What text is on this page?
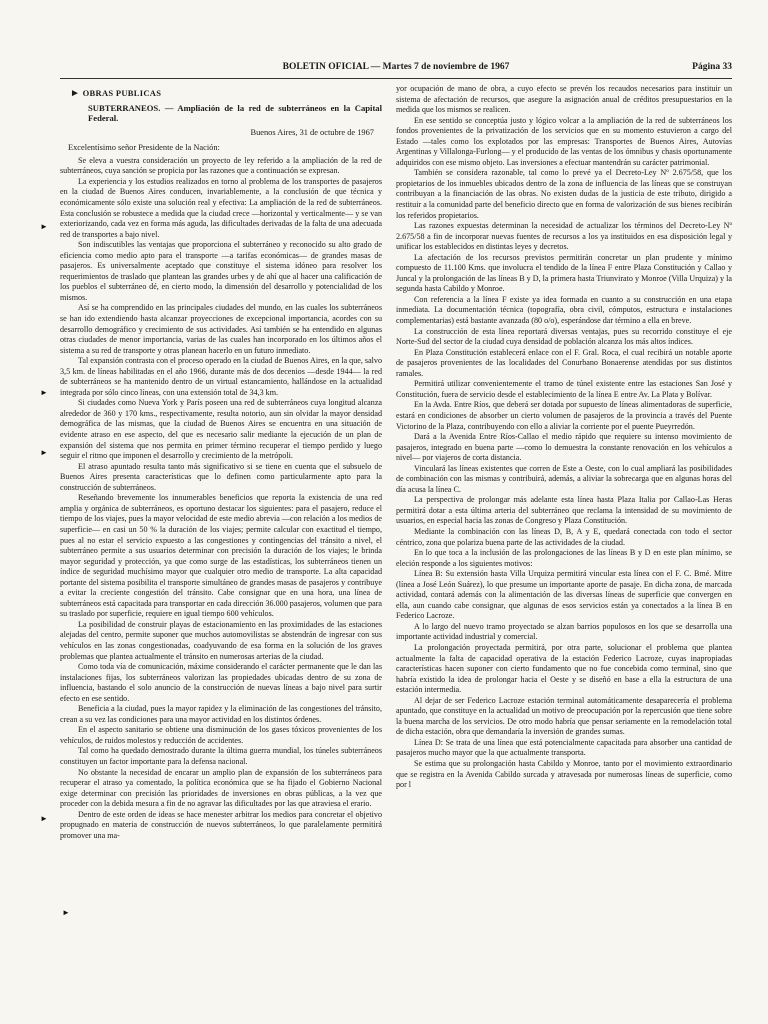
BOLETIN OFICIAL — Martes 7 de noviembre de 1967	Página 33
► OBRAS PUBLICAS
SUBTERRANEOS. — Ampliación de la red de subterráneos en la Capital Federal.
Buenos Aires, 31 de octubre de 1967
Excelentísimo señor Presidente de la Nación:

Se eleva a vuestra consideración un proyecto de ley referido a la ampliación de la red de subterráneos, cuya sanción se propicia por las razones que a continuación se expresan.

La experiencia y los estudios realizados en torno al problema de los transportes de pasajeros en la ciudad de Buenos Aires conducen, invariablemente, a la conclusión de que técnica y económicamente sólo existe una solución real y efectiva: La ampliación de la red de subterráneos. Esta conclusión se robustece a medida que la ciudad crece —horizontal y verticalmente— y se van exteriorizando, cada vez en forma más aguda, las dificultades derivadas de la falta de una adecuada red de transportes a bajo nivel.

Son indiscutibles las ventajas que proporciona el subterráneo y reconocido su alto grado de eficiencia como medio apto para el transporte —a tarifas económicas— de grandes masas de pasajeros. Es universalmente aceptado que constituye el sistema idóneo para resolver los requerimientos de traslado que plantean las grandes urbes y de ahí que al hacer una calificación de los pueblos el subterráneo dé, en cierto modo, la dimensión del desarrollo y potencialidad de los mismos.

Así se ha comprendido en las principales ciudades del mundo, en las cuales los subterráneos se han ido extendiendo hasta alcanzar proyecciones de excepcional importancia, acordes con su desarrollo demográfico y crecimiento de sus actividades. Así también se ha entendido en algunas otras ciudades de menor importancia, varias de las cuales han incorporado en los últimos años el sistema a su red de transporte y otras planean hacerlo en un futuro inmediato.

Tal expansión contrasta con el proceso operado en la ciudad de Buenos Aires, en la que, salvo 3,5 km. de líneas habilitadas en el año 1966, durante más de dos decenios —desde 1944— la red de subterráneos se ha mantenido dentro de un virtual estancamiento, hallándose en la actualidad integrada por sólo cinco líneas, con una extensión total de 34,3 km.

Si ciudades como Nueva York y París poseen una red de subterráneos cuya longitud alcanza alrededor de 360 y 170 kms., respectivamente, resulta notorio, aun sin olvidar la mayor densidad demográfica de las mismas, que la ciudad de Buenos Aires se encuentra en una situación de evidente atraso en ese aspecto, del que es necesario salir mediante la ejecución de un plan de expansión del sistema que nos permita en primer término recuperar el tiempo perdido y luego seguir el ritmo que imponen el desarrollo y crecimiento de la metrópoli.

El atraso apuntado resulta tanto más significativo si se tiene en cuenta que el subsuelo de Buenos Aires presenta características que lo definen como particularmente apto para la construcción de subterráneos.

Reseñando brevemente los innumerables beneficios que reporta la existencia de una red amplia y orgánica de subterráneos, es oportuno destacar los siguientes: para el pasajero, reduce el tiempo de los viajes, pues la mayor velocidad de este medio abrevia —con relación a los medios de superficie— en casi un 50 % la duración de los viajes; permite calcular con exactitud el tiempo, pues al no estar el servicio expuesto a las congestiones y contingencias del tránsito a nivel, el subterráneo permite a sus usuarios determinar con precisión la duración de los viajes; le brinda mayor seguridad y protección, ya que como surge de las estadísticas, los subterráneos tienen un índice de seguridad muchísimo mayor que cualquier otro medio de transporte. La alta capacidad portante del sistema posibilita el transporte simultáneo de grandes masas de pasajeros y contribuye a evitar la creciente congestión del tránsito. Cabe consignar que en una hora, una línea de subterráneos está capacitada para transportar en cada dirección 36.000 pasajeros, volumen que para su traslado por superficie, requiere en igual tiempo 600 vehículos.

La posibilidad de construir playas de estacionamiento en las proximidades de las estaciones alejadas del centro, permite suponer que muchos automovilistas se abstendrán de ingresar con sus vehículos en las zonas congestionadas, coadyuvando de esa forma en la solución de los graves problemas que plantea actualmente el tránsito en numerosas arterias de la ciudad.

Como toda vía de comunicación, máxime considerando el carácter permanente que le dan las instalaciones fijas, los subterráneos valorizan las propiedades ubicadas dentro de su zona de influencia, bastando el solo anuncio de la construcción de nuevas líneas a bajo nivel para surtir efecto en ese sentido.

Beneficia a la ciudad, pues la mayor rapidez y la eliminación de las congestiones del tránsito, crean a su vez las condiciones para una mayor actividad en los distintos órdenes.

En el aspecto sanitario se obtiene una disminución de los gases tóxicos provenientes de los vehículos, de ruidos molestos y reducción de accidentes.

Tal como ha quedado demostrado durante la última guerra mundial, los túneles subterráneos constituyen un factor importante para la defensa nacional.

No obstante la necesidad de encarar un amplio plan de expansión de los subterráneos para recuperar el atraso ya comentado, la política económica que se ha fijado el Gobierno Nacional exige determinar con precisión las prioridades de inversiones en obras públicas, a la vez que proceder con la debida mesura a fin de no agravar las dificultades por las que atraviesa el erario.

Dentro de este orden de ideas se hace menester arbitrar los medios para concretar el objetivo propugnado en materia de construcción de nuevos subterráneos, lo que paralelamente permitirá promover una ma-

yor ocupación de mano de obra, a cuyo efecto se prevén los recaudos necesarios para instituir un sistema de afectación de recursos, que asegure la asignación anual de créditos presupuestarios en la medida que los mismos se realicen.

En ese sentido se conceptúa justo y lógico volcar a la ampliación de la red de subterráneos los fondos provenientes de la privatización de los servicios que en su momento estuvieron a cargo del Estado —tales como los explotados por las empresas: Transportes de Buenos Aires, Autovías Argentinas y Villalonga-Furlong— y el producido de las ventas de los ómnibus y chasis oportunamente adquiridos con ese mismo objeto. Las inversiones a efectuar mantendrán su carácter patrimonial.

También se considera razonable, tal como lo prevé ya el Decreto-Ley Nº 2.675/58, que los propietarios de los inmuebles ubicados dentro de la zona de influencia de las líneas que se construyan contribuyan a la financiación de las obras. No existen dudas de la justicia de este tributo, dirigido a restituir a la comunidad parte del beneficio directo que en forma de valorización de sus bienes recibirán los referidos propietarios.

Las razones expuestas determinan la necesidad de actualizar los términos del Decreto-Ley Nº 2.675/58 a fin de incorporar nuevas fuentes de recursos a los ya instituidos en esa disposición legal y unificar los establecidos en distintas leyes y decretos.

La afectación de los recursos previstos permitirán concretar un plan prudente y mínimo compuesto de 11.100 Kms. que involucra el tendido de la línea F entre Plaza Constitución y Callao y Juncal y la prolongación de las líneas B y D, la primera hasta Triunvirato y Monroe (Villa Urquiza) y la segunda hasta Cabildo y Monroe.

Con referencia a la línea F existe ya idea formada en cuanto a su construcción en una etapa inmediata. La documentación técnica (topografía, obra civil, cómputos, estructura e instalaciones complementarias) está bastante avanzada (80 o/o), esperándose dar término a ella en breve.

La construcción de esta línea reportará diversas ventajas, pues su recorrido constituye el eje Norte-Sud del sector de la ciudad cuya densidad de población alcanza los más altos índices.

En Plaza Constitución establecerá enlace con el F. Gral. Roca, el cual recibirá un notable aporte de pasajeros provenientes de las localidades del Conurbano Bonaerense atendidas por sus distintos ramales.

Permitirá utilizar convenientemente el tramo de túnel existente entre las estaciones San José y Constitución, fuera de servicio desde el establecimiento de la línea E entre Av. La Plata y Bolívar.

En la Avda. Entre Ríos, que deberá ser dotada por supuesto de líneas alimentadoras de superficie, estará en condiciones de absorber un cierto volumen de pasajeros de la provincia a través del Puente Victorino de la Plaza, contribuyendo con ello a aliviar la corriente por el puente Pueyrredón.

Dará a la Avenida Entre Ríos-Callao el medio rápido que requiere su intenso movimiento de pasajeros, integrado en buena parte —como lo demuestra la constante renovación en los vehículos a nivel— por viajeros de corta distancia.

Vinculará las líneas existentes que corren de Este a Oeste, con lo cual ampliará las posibilidades de combinación con las mismas y contribuirá, además, a aliviar la sobrecarga que en algunas horas del día acusa la línea C.

La perspectiva de prolongar más adelante esta línea hasta Plaza Italia por Callao-Las Heras permitirá dotar a esta última arteria del subterráneo que reclama la intensidad de su movimiento de usuarios, en especial hacia las zonas de Congreso y Plaza Constitución.

Mediante la combinación con las líneas D, B, A y E, quedará conectada con todo el sector céntrico, zona que polariza buena parte de las actividades de la ciudad.

En lo que toca a la inclusión de las prolongaciones de las líneas B y D en este plan mínimo, se eleción responde a los siguientes motivos:

Línea B: Su extensión hasta Villa Urquiza permitirá vincular esta línea con el F. C. Bmé. Mitre (línea a José León Suárez), lo que presume un importante aporte de pasaje. En dicha zona, de marcada actividad, contará además con la alimentación de las diversas líneas de superficie que convergen en ella, aun cuando cabe consignar, que algunas de esos servicios están ya conectados a la línea B en Federico Lacroze.

A lo largo del nuevo tramo proyectado se alzan barrios populosos en los que se desarrolla una importante actividad industrial y comercial.

La prolongación proyectada permitirá, por otra parte, solucionar el problema que plantea actualmente la falta de capacidad operativa de la estación Federico Lacroze, cuyas inapropiadas características hacen suponer con cierto fundamento que no fue concebida como terminal, sino que habría existido la idea de prolongar hacia el Oeste y se diseñó en base a ella la estructura de una estación intermedia.

Al dejar de ser Federico Lacroze estación terminal automáticamente desaparecería el problema apuntado, que constituye en la actualidad un motivo de preocupación por la repercusión que tiene sobre la buena marcha de los servicios. De otro modo habría que pensar seriamente en la remodelación total de dicha estación, obra que demandaría la inversión de grandes sumas.

Línea D: Se trata de una línea que está potencialmente capacitada para absorber una cantidad de pasajeros mucho mayor que la que actualmente transporta.

Se estima que su prolongación hasta Cabildo y Monroe, tanto por el movimiento extraordinario que se registra en la Avenida Cabildo surcada y atravesada por numerosas líneas de superficie, como por l

►
►
►
►
►
